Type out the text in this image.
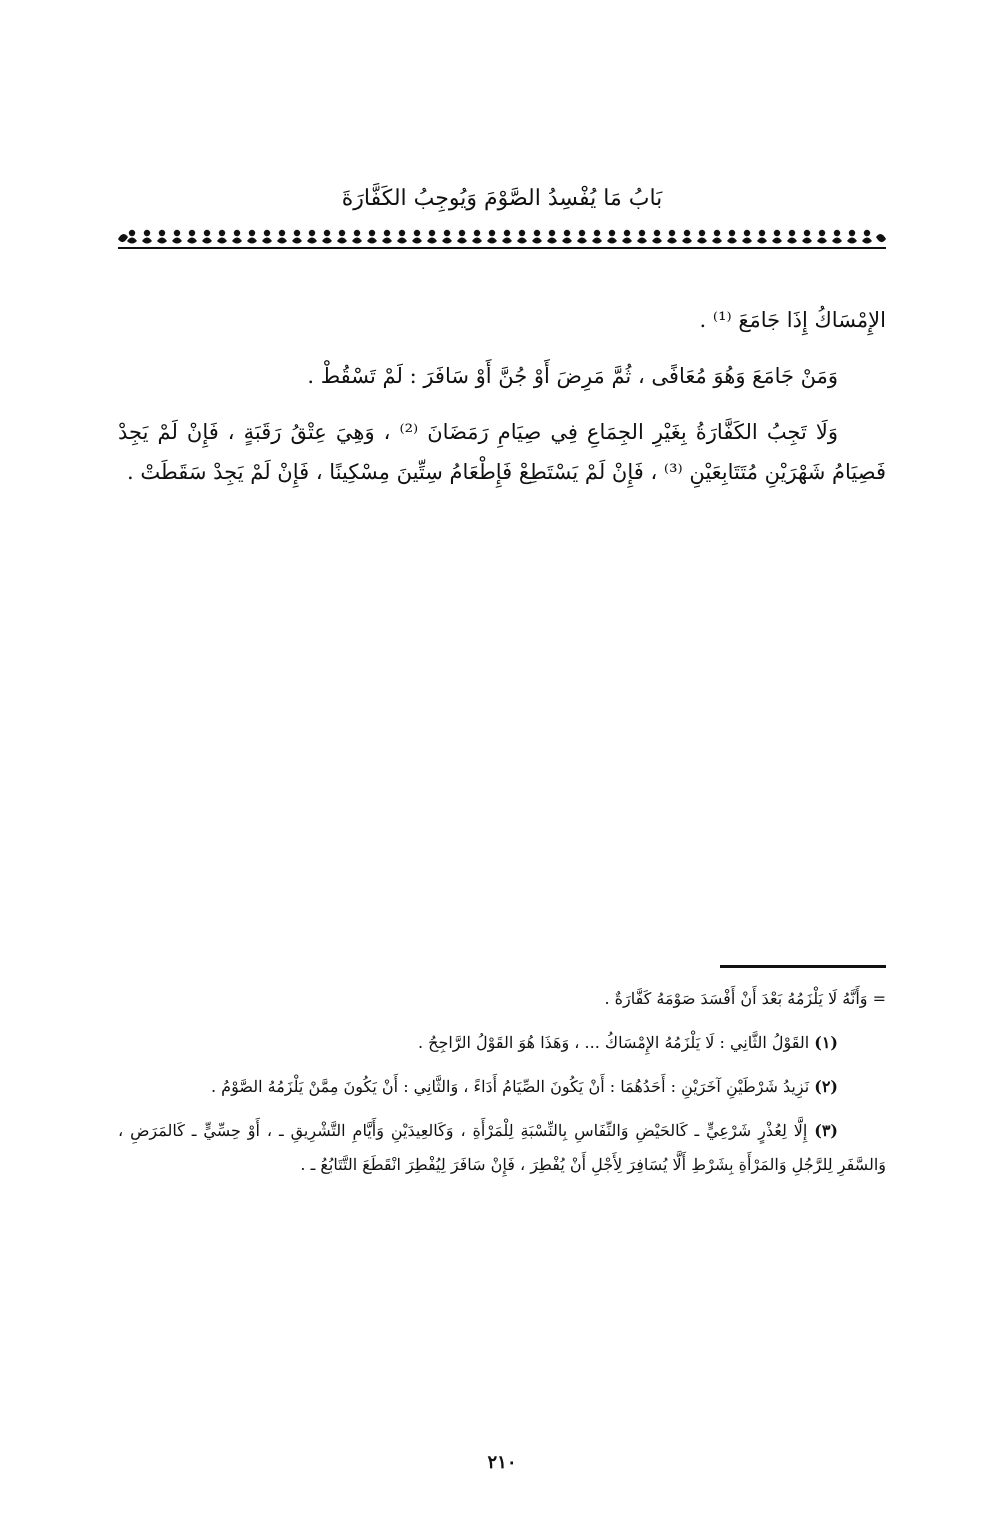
بَابُ مَا يُفْسِدُ الصَّوْمَ وَيُوجِبُ الكَفَّارَةَ

الإِمْسَاكُ إِذَا جَامَعَ ⁽¹⁾ .

وَمَنْ جَامَعَ وَهُوَ مُعَافًى ، ثُمَّ مَرِضَ أَوْ جُنَّ أَوْ سَافَرَ : لَمْ تَسْقُطْ .

وَلَا تَجِبُ الكَفَّارَةُ بِغَيْرِ الجِمَاعِ فِي صِيَامِ رَمَضَانَ ⁽²⁾ ، وَهِيَ عِتْقُ رَقَبَةٍ ، فَإِنْ لَمْ يَجِدْ فَصِيَامُ شَهْرَيْنِ مُتَتَابِعَيْنِ ⁽³⁾ ، فَإِنْ لَمْ يَسْتَطِعْ فَإِطْعَامُ سِتِّينَ مِسْكِينًا ، فَإِنْ لَمْ يَجِدْ سَقَطَتْ .

= وَأَنَّهُ لَا يَلْزَمُهُ بَعْدَ أَنْ أَفْسَدَ صَوْمَهُ كَفَّارَةٌ .

(١) القَوْلُ الثَّانِي : لَا يَلْزَمُهُ الإِمْسَاكُ ... ، وَهَذَا هُوَ القَوْلُ الرَّاجِحُ .

(٢) نَزِيدُ شَرْطَيْنِ آخَرَيْنِ : أَحَدُهُمَا : أَنْ يَكُونَ الصِّيَامُ أَدَاءً ، وَالثَّانِي : أَنْ يَكُونَ مِمَّنْ يَلْزَمُهُ الصَّوْمُ .

(٣) إِلَّا لِعُذْرٍ شَرْعِيٍّ ـ كَالحَيْضِ وَالنِّفَاسِ بِالنِّسْبَةِ لِلْمَرْأَةِ ، وَكَالعِيدَيْنِ وَأَيَّامِ التَّشْرِيقِ ـ ، أَوْ حِسِّيٍّ ـ كَالمَرَضِ ، وَالسَّفَرِ لِلرَّجُلِ وَالمَرْأَةِ بِشَرْطِ أَلَّا يُسَافِرَ لِأَجْلِ أَنْ يُفْطِرَ ، فَإِنْ سَافَرَ لِيُفْطِرَ انْقَطَعَ التَّتَابُعُ ـ .

٢١٠
